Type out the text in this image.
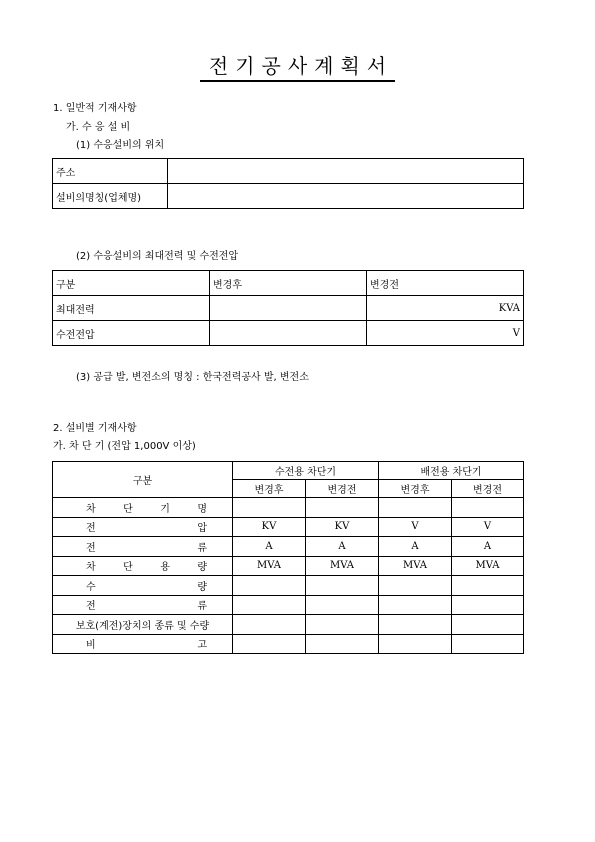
전기공사계획서
1. 일반적 기재사항
가. 수 응 설 비
(1) 수응설비의 위치
주소	
설비의명칭(업체명)	
(2) 수응설비의 최대전력 및 수전전압
구분	변경후	변경전
최대전력		KVA
수전전압		V
(3) 공급 발, 변전소의 명칭 : 한국전력공사 발, 변전소
2. 설비별 기재사항
가. 차 단 기 (전압 1,000V 이상)
구분	수전용 차단기		배전용 차단기	
	변경후	변경전	변경후	변경전
차 단 기 명				
전 압	KV	KV	V	V
전 류	A	A	A	A
차 단 용 량	MVA	MVA	MVA	MVA
수 량				
전 류				
보호(계전)장치의 종류 및 수량				
비 고				
